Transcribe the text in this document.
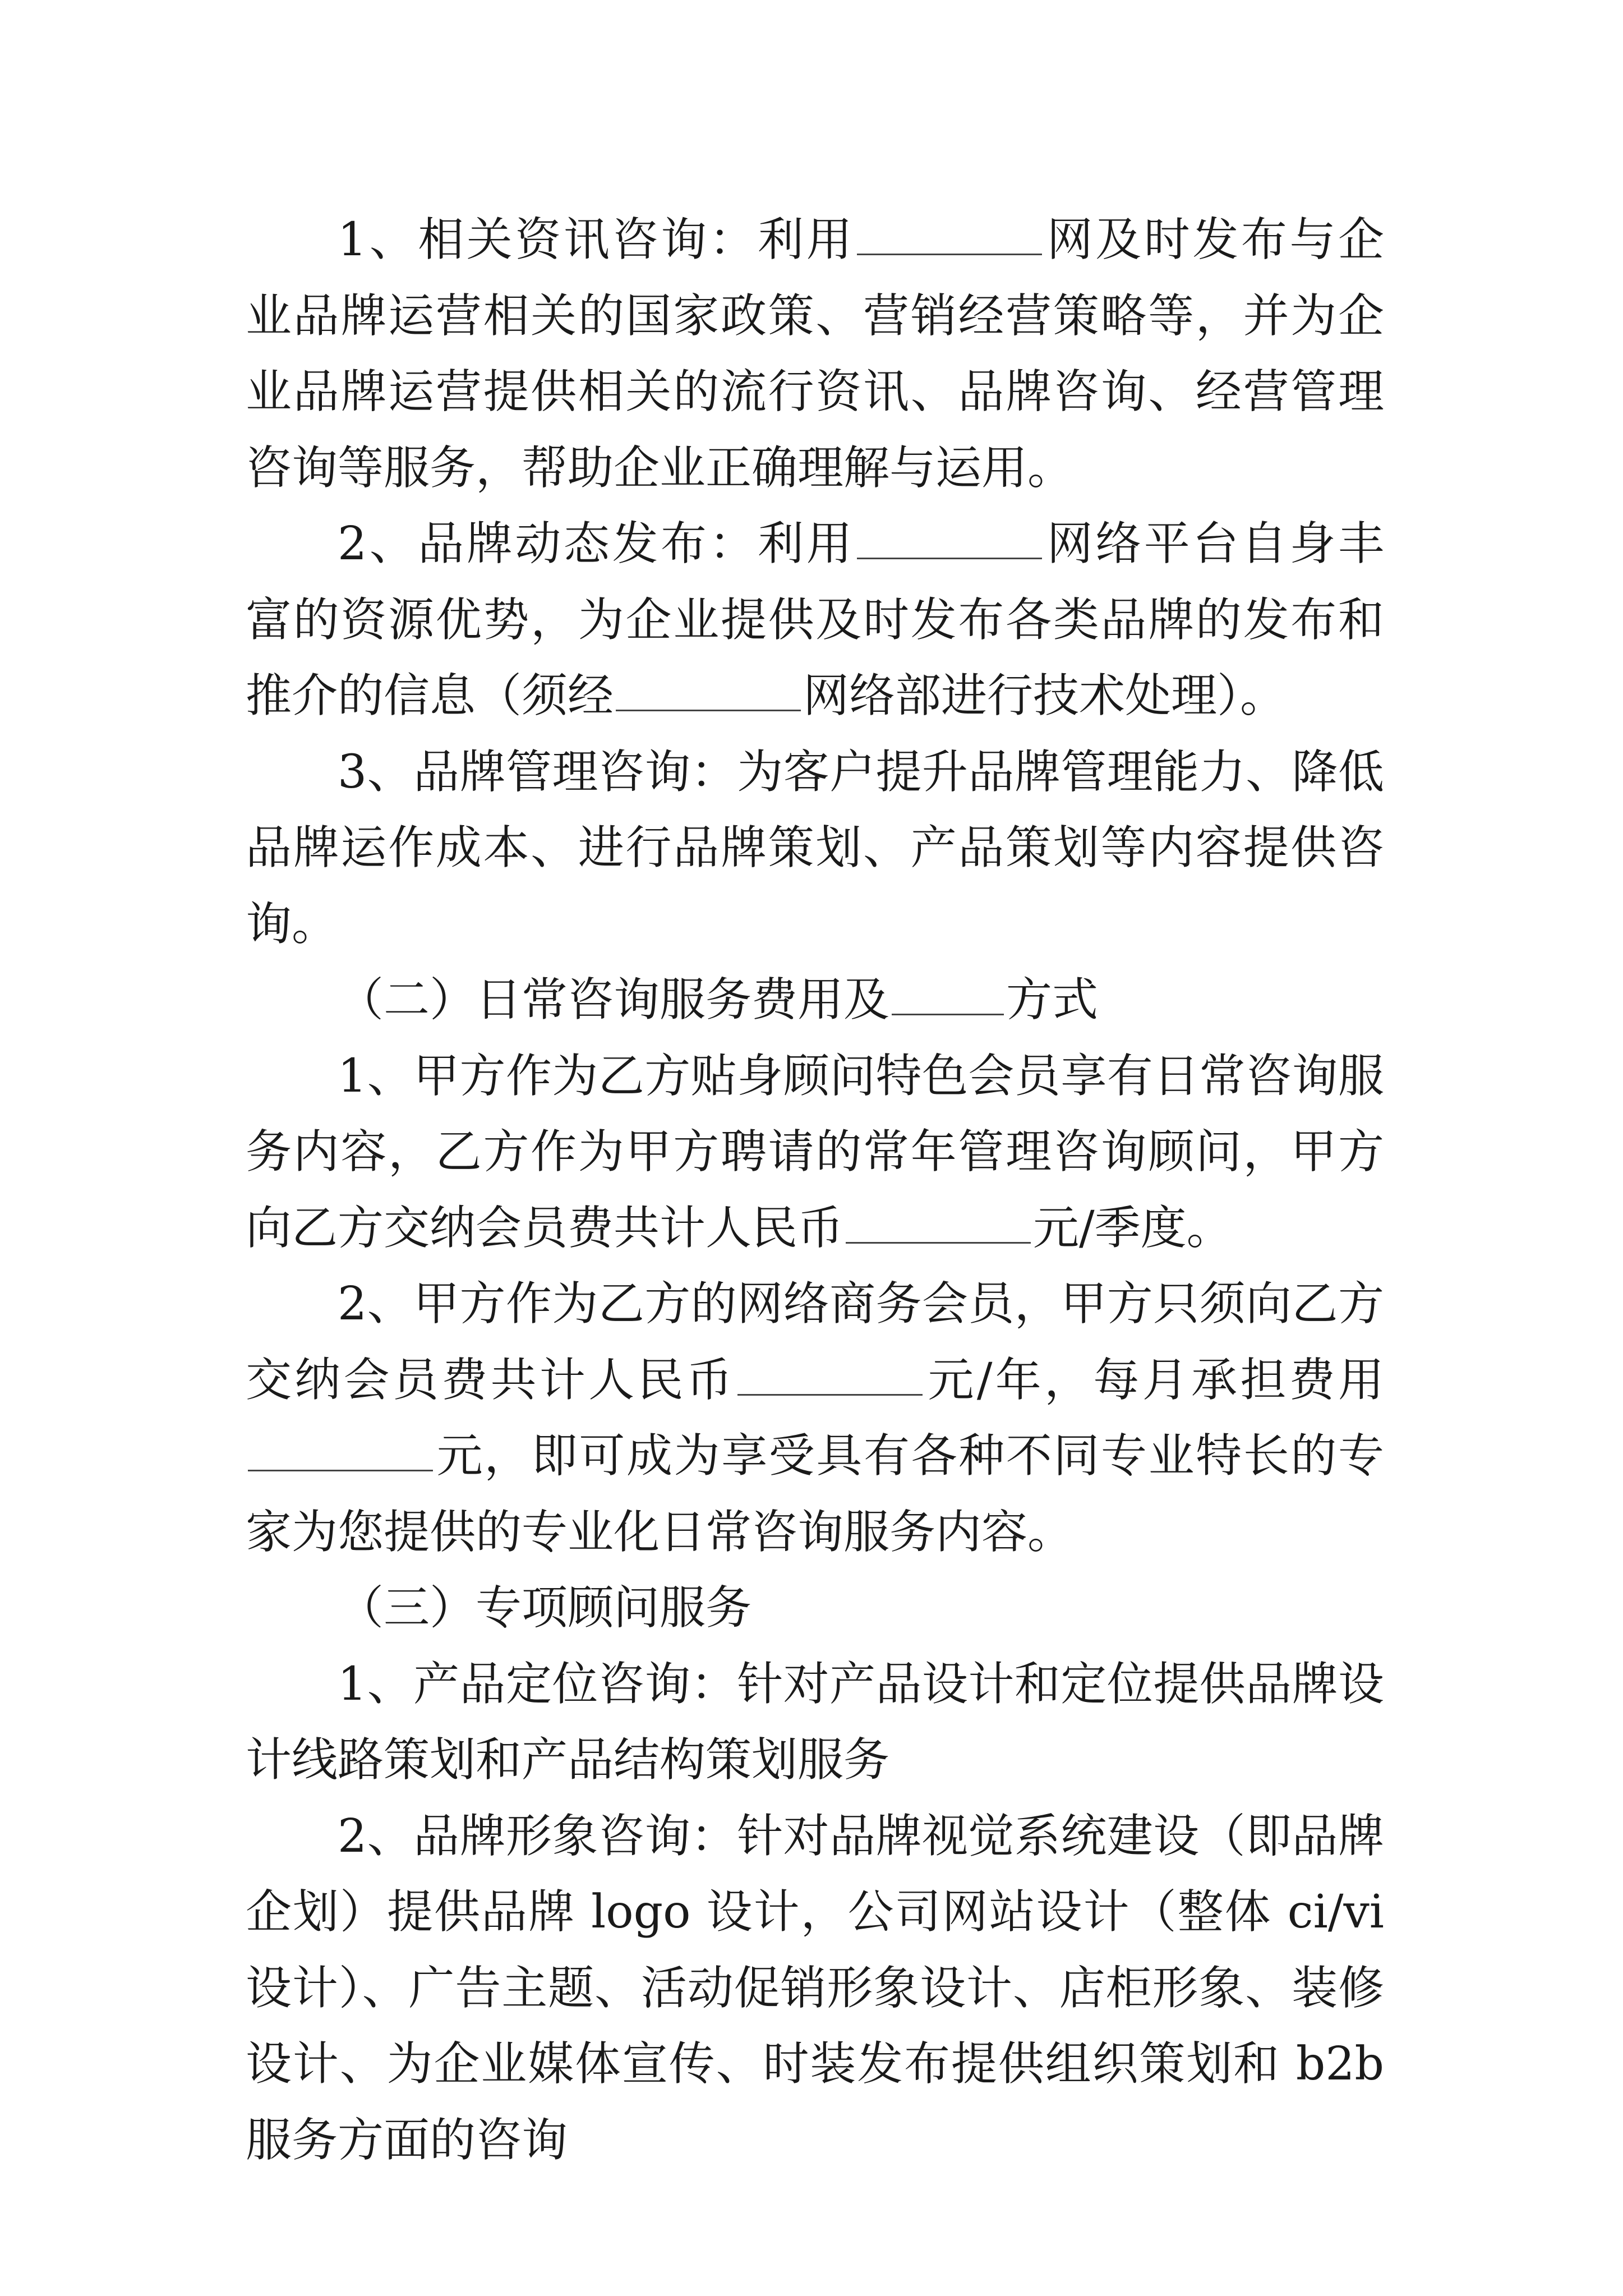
1、相关资讯咨询：利用	网及时发布与企业品牌运营相关的国家政策、营销经营策略等，并为企业品牌运营提供相关的流行资讯、品牌咨询、经营管理咨询等服务，帮助企业正确理解与运用。

2、品牌动态发布：利用	网络平台自身丰富的资源优势，为企业提供及时发布各类品牌的发布和推介的信息（须经	网络部进行技术处理）。

3、品牌管理咨询：为客户提升品牌管理能力、降低品牌运作成本、进行品牌策划、产品策划等内容提供咨询。

（二）日常咨询服务费用及	方式

1、甲方作为乙方贴身顾问特色会员享有日常咨询服务内容，乙方作为甲方聘请的常年管理咨询顾问，甲方向乙方交纳会员费共计人民币	元/季度。

2、甲方作为乙方的网络商务会员，甲方只须向乙方交纳会员费共计人民币	元/年，每月承担费用元，即可成为享受具有各种不同专业特长的专家为您提供的专业化日常咨询服务内容。

（三）专项顾问服务

1、产品定位咨询：针对产品设计和定位提供品牌设计线路策划和产品结构策划服务

2、品牌形象咨询：针对品牌视觉系统建设（即品牌企划）提供品牌 logo 设计，公司网站设计（整体 ci/vi 设计）、广告主题、活动促销形象设计、店柜形象、装修设计、为企业媒体宣传、时装发布提供组织策划和 b2b 服务方面的咨询
